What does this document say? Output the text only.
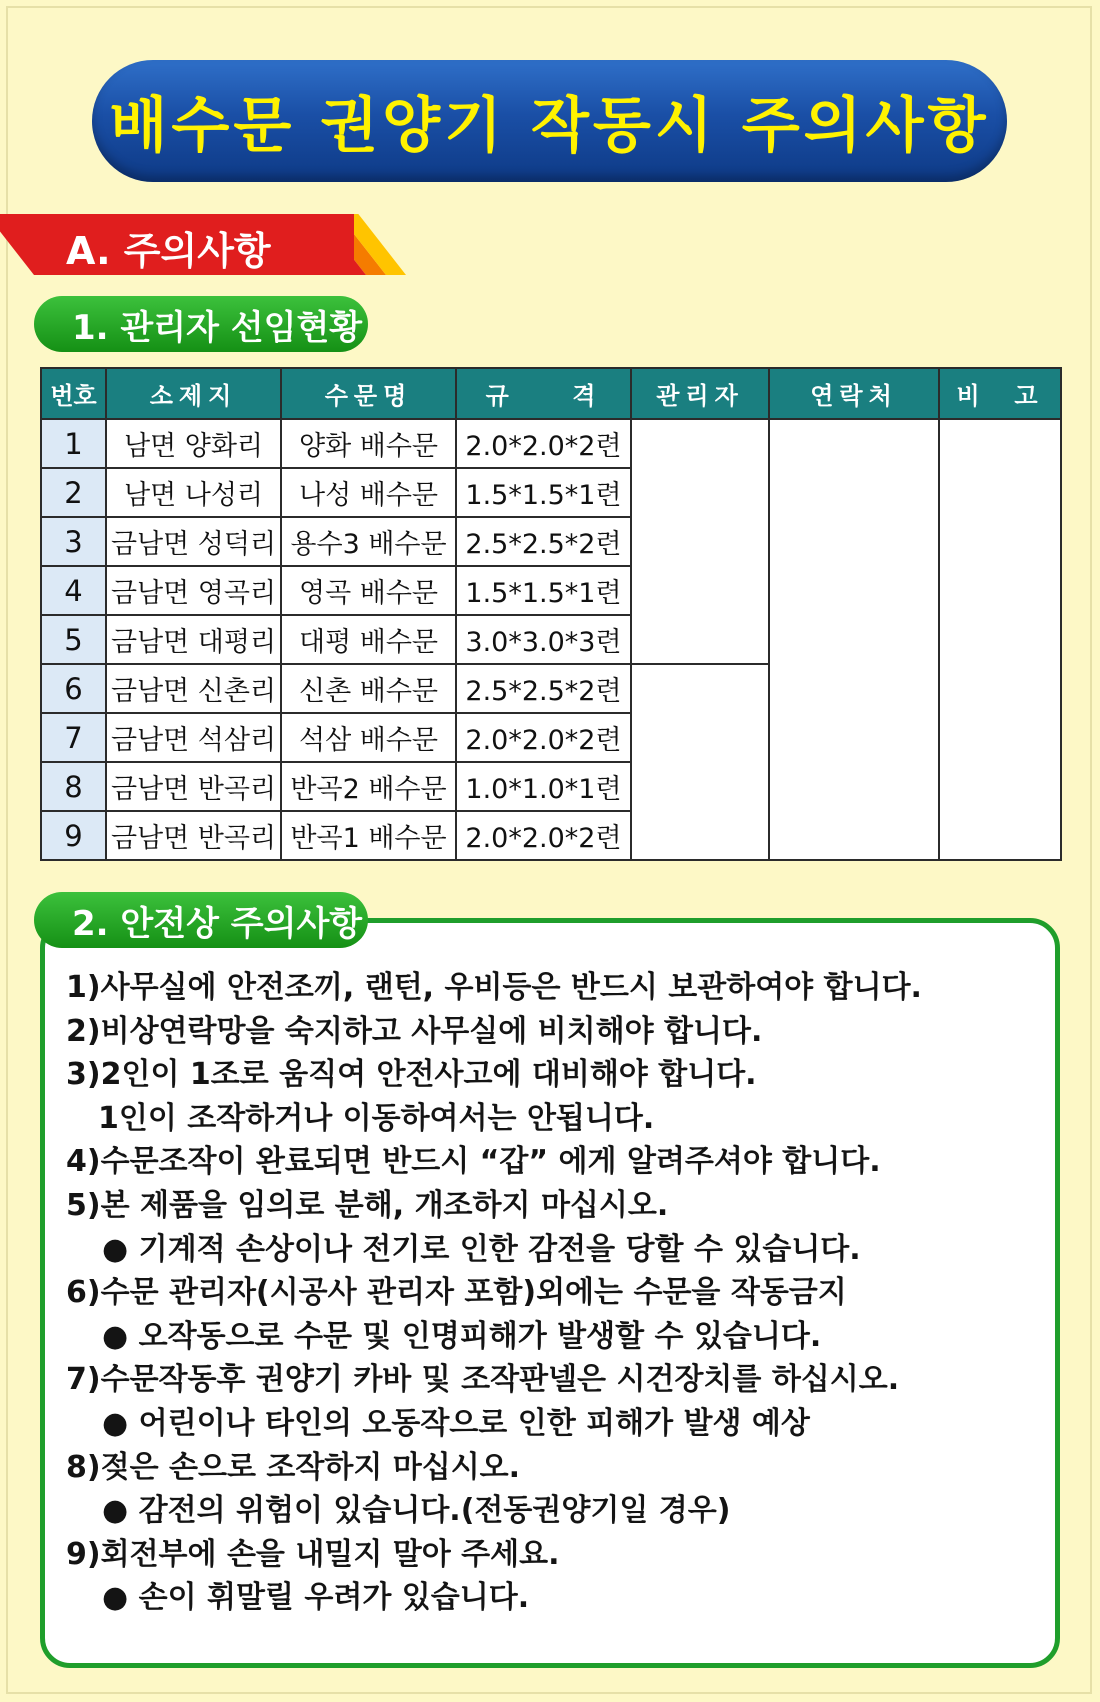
배수문 권양기 작동시 주의사항
A. 주의사항
1. 관리자 선임현황
번호	소제지	수문명	규    격	관리자	연락처	비  고
1	남면 양화리	양화 배수문	2.0*2.0*2련			
2	남면 나성리	나성 배수문	1.5*1.5*1련			
3	금남면 성덕리	용수3 배수문	2.5*2.5*2련			
4	금남면 영곡리	영곡 배수문	1.5*1.5*1련			
5	금남면 대평리	대평 배수문	3.0*3.0*3련			
6	금남면 신촌리	신촌 배수문	2.5*2.5*2련			
7	금남면 석삼리	석삼 배수문	2.0*2.0*2련			
8	금남면 반곡리	반곡2 배수문	1.0*1.0*1련			
9	금남면 반곡리	반곡1 배수문	2.0*2.0*2련			
2. 안전상 주의사항
1)사무실에 안전조끼, 랜턴, 우비등은 반드시 보관하여야 합니다.
2)비상연락망을 숙지하고 사무실에 비치해야 합니다.
3)2인이 1조로 움직여 안전사고에 대비해야 합니다.
1인이 조작하거나 이동하여서는 안됩니다.
4)수문조작이 완료되면 반드시 “갑” 에게 알려주셔야 합니다.
5)본 제품을 임의로 분해, 개조하지 마십시오.
● 기계적 손상이나 전기로 인한 감전을 당할 수 있습니다.
6)수문 관리자(시공사 관리자 포함)외에는 수문을 작동금지
● 오작동으로 수문 및 인명피해가 발생할 수 있습니다.
7)수문작동후 권양기 카바 및 조작판넬은 시건장치를 하십시오.
● 어린이나 타인의 오동작으로 인한 피해가 발생 예상
8)젖은 손으로 조작하지 마십시오.
● 감전의 위험이 있습니다.(전동권양기일 경우)
9)회전부에 손을 내밀지 말아 주세요.
● 손이 휘말릴 우려가 있습니다.
